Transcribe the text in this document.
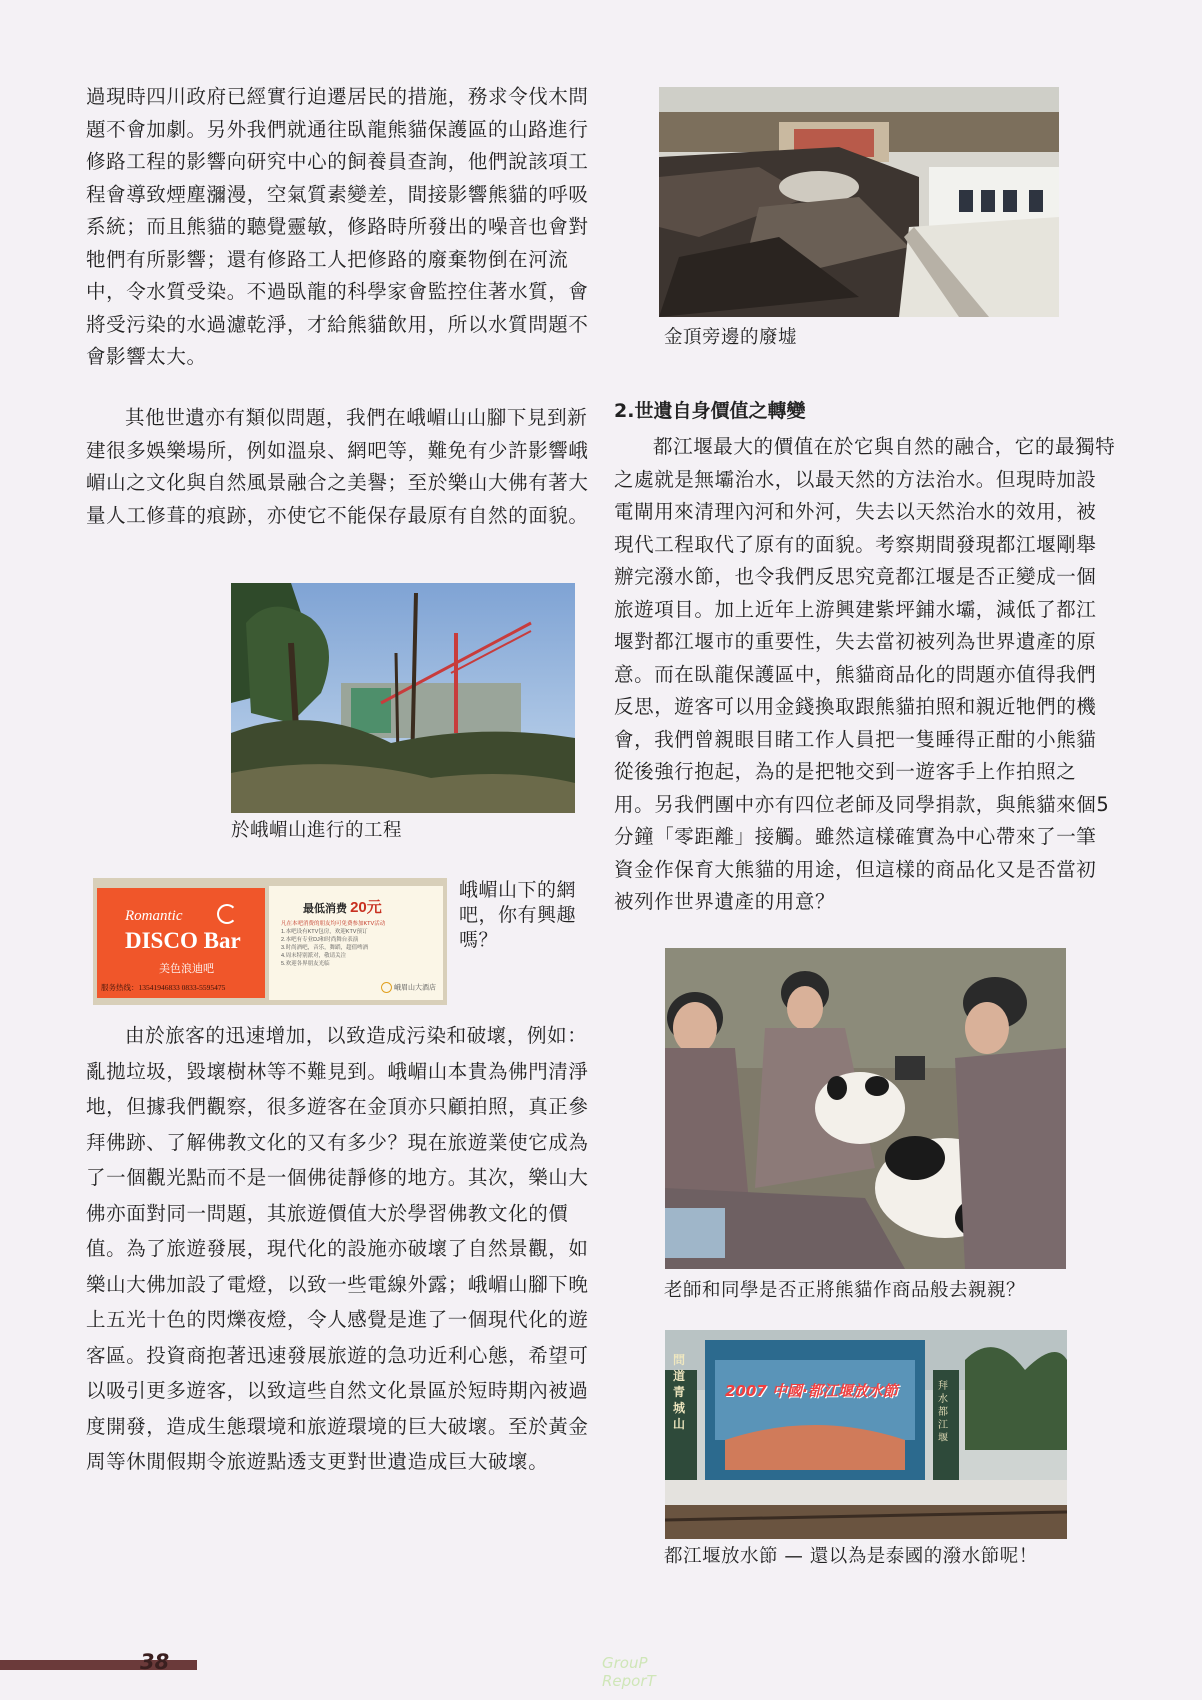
過現時四川政府已經實行迫遷居民的措施，務求令伐木問題不會加劇。另外我們就通往臥龍熊貓保護區的山路進行修路工程的影響向研究中心的飼養員查詢，他們說該項工程會導致煙塵瀰漫，空氣質素變差，間接影響熊貓的呼吸系統；而且熊貓的聽覺靈敏，修路時所發出的噪音也會對牠們有所影響；還有修路工人把修路的廢棄物倒在河流中，令水質受染。不過臥龍的科學家會監控住著水質，會將受污染的水過濾乾淨，才給熊貓飲用，所以水質問題不會影響太大。

其他世遺亦有類似問題，我們在峨嵋山山腳下見到新建很多娛樂場所，例如溫泉、網吧等，難免有少許影響峨嵋山之文化與自然風景融合之美譽；至於樂山大佛有著大量人工修葺的痕跡，亦使它不能保存最原有自然的面貌。

於峨嵋山進行的工程
Romantic
DISCO Bar
美色浪迪吧
服务热线：13541946833 0833-5595475
最低消费 20元
凡在本吧消费的朋友均可免费参加KTV活动
1.本吧设有KTV包房，欢迎KTV预订
2.本吧有专业DJ和时尚舞台表演
3.时尚酒吧，音乐，舞蹈，超值啤酒
4.周末特别派对，敬请关注
5.欢迎各界朋友光临
峨眉山大酒店
峨嵋山下的網吧，你有興趣嗎？

由於旅客的迅速增加，以致造成污染和破壞，例如：亂拋垃圾，毀壞樹林等不難見到。峨嵋山本貴為佛門清淨地，但據我們觀察，很多遊客在金頂亦只顧拍照，真正參拜佛跡、了解佛教文化的又有多少？現在旅遊業使它成為了一個觀光點而不是一個佛徒靜修的地方。其次，樂山大佛亦面對同一問題，其旅遊價值大於學習佛教文化的價值。為了旅遊發展，現代化的設施亦破壞了自然景觀，如樂山大佛加設了電燈，以致一些電線外露；峨嵋山腳下晚上五光十色的閃爍夜燈，令人感覺是進了一個現代化的遊客區。投資商抱著迅速發展旅遊的急功近利心態，希望可以吸引更多遊客，以致這些自然文化景區於短時期內被過度開發，造成生態環境和旅遊環境的巨大破壞。至於黃金周等休閒假期令旅遊點透支更對世遺造成巨大破壞。

金頂旁邊的廢墟
2.世遺自身價值之轉變

都江堰最大的價值在於它與自然的融合，它的最獨特之處就是無壩治水，以最天然的方法治水。但現時加設電閘用來清理內河和外河，失去以天然治水的效用，被現代工程取代了原有的面貌。考察期間發現都江堰剛舉辦完潑水節，也令我們反思究竟都江堰是否正變成一個旅遊項目。加上近年上游興建紫坪鋪水壩，減低了都江堰對都江堰市的重要性，失去當初被列為世界遺產的原意。而在臥龍保護區中，熊貓商品化的問題亦值得我們反思，遊客可以用金錢換取跟熊貓拍照和親近牠們的機會，我們曾親眼目睹工作人員把一隻睡得正酣的小熊貓從後強行抱起，為的是把牠交到一遊客手上作拍照之用。另我們團中亦有四位老師及同學捐款，與熊貓來個5分鐘「零距離」接觸。雖然這樣確實為中心帶來了一筆資金作保育大熊貓的用途，但這樣的商品化又是否當初被列作世界遺產的用意？

老師和同學是否正將熊貓作商品般去親親？
問道青城山
2007 中國·都江堰放水節	拜水都江堰
都江堰放水節 — 還以為是泰國的潑水節呢！
38	GrouP
ReporT
